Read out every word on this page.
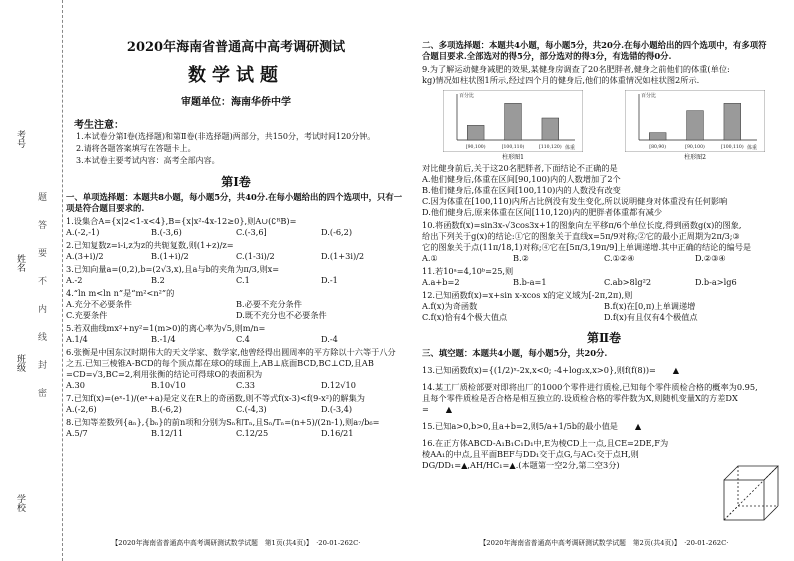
考号
姓名
班级
学校
题
答
要
不
内
线
封
密
2020年海南省普通高中高考调研测试
数学试题
审题单位：海南华侨中学
考生注意：
1.本试卷分第Ⅰ卷(选择题)和第Ⅱ卷(非选择题)两部分，共150分，考试时间120分钟。
2.请将各题答案填写在答题卡上。
3.本试卷主要考试内容：高考全部内容。
第Ⅰ卷
一、单项选择题：本题共8小题，每小题5分，共40分.在每小题给出的四个选项中，只有一项是符合题目要求的.
1.设集合A={x|2<1-x<4},B={x|x²-4x-12≥0},则A∪(∁ᴿB)=
A.(-2,-1)	B.(-3,6)	C.(-3,6]	D.(-6,2)
2.已知复数z=i-i,z为z的共轭复数,则(1+z)/z=
A.(3+i)/2	B.(1+i)/2	C.(1-3i)/2	D.(1+3i)/2
3.已知向量a=(0,2),b=(2√3,x),且a与b的夹角为π/3,则x=
A.-2	B.2	C.1	D.-1
4.“ln m<ln n”是“m²<n²”的
A.充分不必要条件	B.必要不充分条件
C.充要条件	D.既不充分也不必要条件
5.若双曲线mx²+ny²=1(m>0)的离心率为√5,则m/n=
A.1/4	B.-1/4	C.4	D.-4
6.张衡是中国东汉时期伟大的天文学家、数学家,他曾经得出圆周率的平方除以十六等于八分
之五.已知三棱锥A-BCD的每个顶点都在球O的球面上,AB⊥底面BCD,BC⊥CD,且AB
=CD=√3,BC=2,利用张衡的结论可得球O的表面积为
A.30	B.10√10	C.33	D.12√10
7.已知f(x)=(eˣ-1)/(eˣ+a)是定义在R上的奇函数,则不等式f(x-3)<f(9-x²)的解集为
A.(-2,6)	B.(-6,2)	C.(-4,3)	D.(-3,4)
8.已知等差数列{aₙ},{bₙ}的前n项和分别为Sₙ和Tₙ,且Sₙ/Tₙ=(n+5)/(2n-1),则a₇/b₆=
A.5/7	B.12/11	C.12/25	D.16/21
【2020年海南省普通高中高考调研测试数学试题　第1页(共4页)】　·20-01-262C·
二、多项选择题：本题共4小题，每小题5分，共20分.在每小题给出的四个选项中，有多项符
合题目要求.全部选对的得5分，部分选对的得3分，有选错的得0分.
9.为了解运动健身减肥的效果,某健身房调查了20名肥胖者,健身之前他们的体重(单位:
kg)情况如柱状图1所示,经过四个月的健身后,他们的体重情况如柱状图2所示.
百分比
体重
[90,100)	[100,110)	[110,120)
柱形图1
百分比
体重
[80,90)	[90,100)	[100,110)
柱形图2
对比健身前后,关于这20名肥胖者,下面结论不正确的是
A.他们健身后,体重在区间[90,100)内的人数增加了2个
B.他们健身后,体重在区间[100,110)内的人数没有改变
C.因为体重在[100,110)内所占比例没有发生变化,所以说明健身对体重没有任何影响
D.他们健身后,原来体重在区间[110,120)内的肥胖者体重都有减少
10.将函数f(x)=sin3x-√3cos3x+1的图象向左平移π/6个单位长度,得到函数g(x)的图象,
给出下列关于g(x)的结论:①它的图象关于直线x=5π/9对称;②它的最小正周期为2π/3;③
它的图象关于点(11π/18,1)对称;④它在[5π/3,19π/9]上单调递增.其中正确的结论的编号是
A.①	B.②	C.①②④	D.②③④
11.若10ᵃ=4,10ᵇ=25,则
A.a+b=2	B.b-a=1	C.ab>8lg²2	D.b-a>lg6
12.已知函数f(x)=x+sin x-xcos x的定义域为[-2π,2π),则
A.f(x)为奇函数	B.f(x)在[0,π)上单调递增
C.f(x)恰有4个极大值点	D.f(x)有且仅有4个极值点
第Ⅱ卷
三、填空题：本题共4小题，每小题5分，共20分.
13.已知函数f(x)={(1/2)ˣ-2x,x<0; -4+log₂x,x>0},则f(f(8))= ▲
14.某工厂质检部要对即将出厂的1000个零件进行质检,已知每个零件质检合格的概率为0.95,
且每个零件质检是否合格是相互独立的.设质检合格的零件数为X,则随机变量X的方差DX
= ▲
15.已知a>0,b>0,且a+b=2,则5/a+1/5b的最小值是 ▲
16.在正方体ABCD-A₁B₁C₁D₁中,E为棱CD上一点,且CE=2DE,F为
棱AA₁的中点,且平面BEF与DD₁交于点G,与AC₁交于点H,则
DG/DD₁=▲,AH/HC₁=▲.(本题第一空2分,第二空3分)
【2020年海南省普通高中高考调研测试数学试题　第2页(共4页)】　·20-01-262C·
